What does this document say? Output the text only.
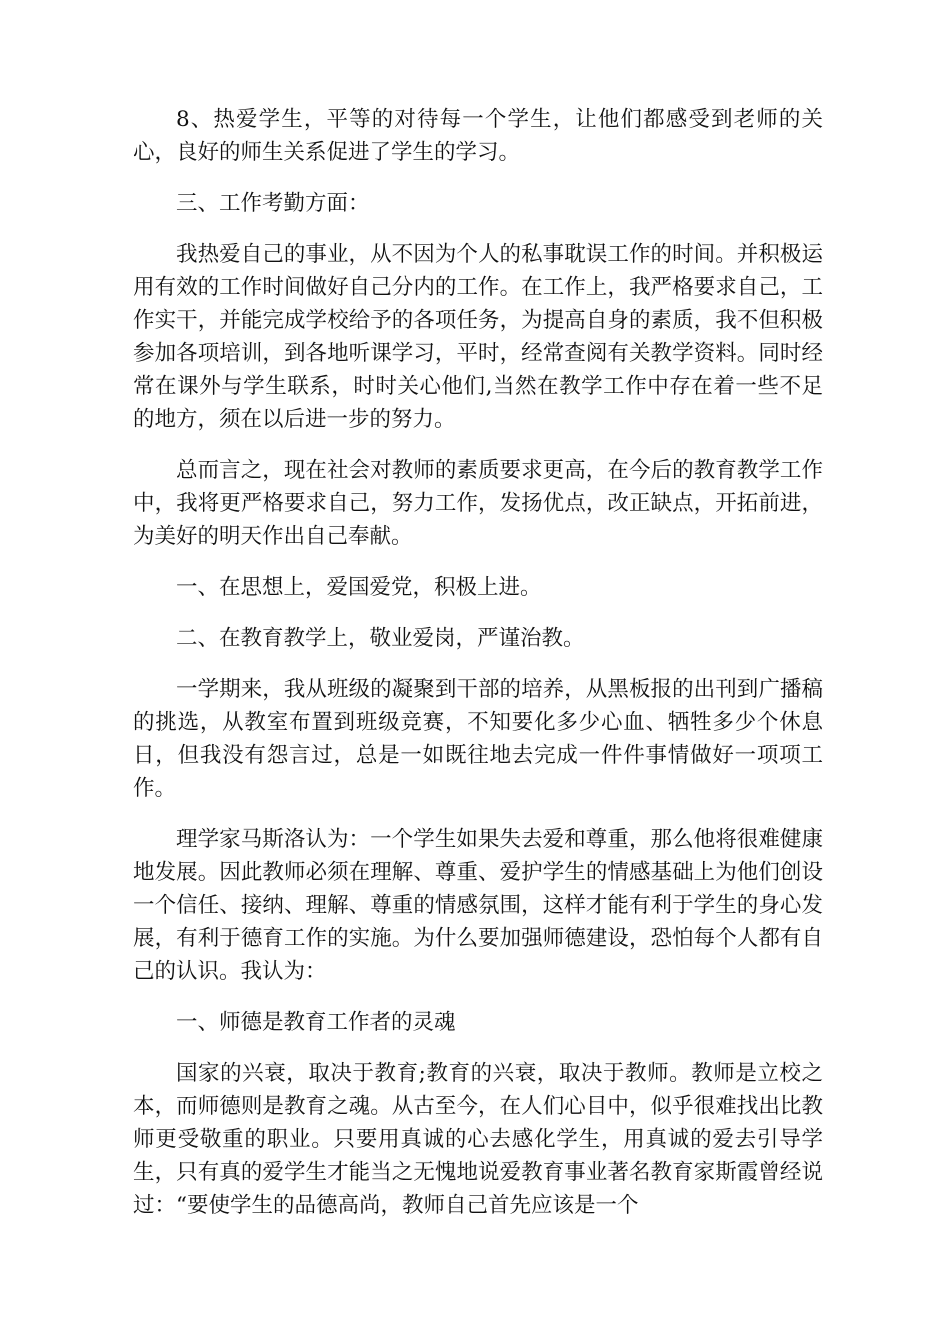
8、热爱学生，平等的对待每一个学生，让他们都感受到老师的关心，良好的师生关系促进了学生的学习。

三、工作考勤方面：

我热爱自己的事业，从不因为个人的私事耽误工作的时间。并积极运用有效的工作时间做好自己分内的工作。在工作上，我严格要求自己，工作实干，并能完成学校给予的各项任务，为提高自身的素质，我不但积极参加各项培训，到各地听课学习，平时，经常查阅有关教学资料。同时经常在课外与学生联系，时时关心他们,当然在教学工作中存在着一些不足的地方，须在以后进一步的努力。

总而言之，现在社会对教师的素质要求更高，在今后的教育教学工作中，我将更严格要求自己，努力工作，发扬优点，改正缺点，开拓前进，为美好的明天作出自己奉献。

一、在思想上，爱国爱党，积极上进。

二、在教育教学上，敬业爱岗，严谨治教。

一学期来，我从班级的凝聚到干部的培养，从黑板报的出刊到广播稿的挑选，从教室布置到班级竞赛，不知要化多少心血、牺牲多少个休息日，但我没有怨言过，总是一如既往地去完成一件件事情做好一项项工作。

理学家马斯洛认为：一个学生如果失去爱和尊重，那么他将很难健康地发展。因此教师必须在理解、尊重、爱护学生的情感基础上为他们创设一个信任、接纳、理解、尊重的情感氛围，这样才能有利于学生的身心发展，有利于德育工作的实施。为什么要加强师德建设，恐怕每个人都有自己的认识。我认为：

一、师德是教育工作者的灵魂

国家的兴衰，取决于教育;教育的兴衰，取决于教师。教师是立校之本，而师德则是教育之魂。从古至今，在人们心目中，似乎很难找出比教师更受敬重的职业。只要用真诚的心去感化学生，用真诚的爱去引导学生，只有真的爱学生才能当之无愧地说爱教育事业著名教育家斯霞曾经说过：“要使学生的品德高尚，教师自己首先应该是一个
